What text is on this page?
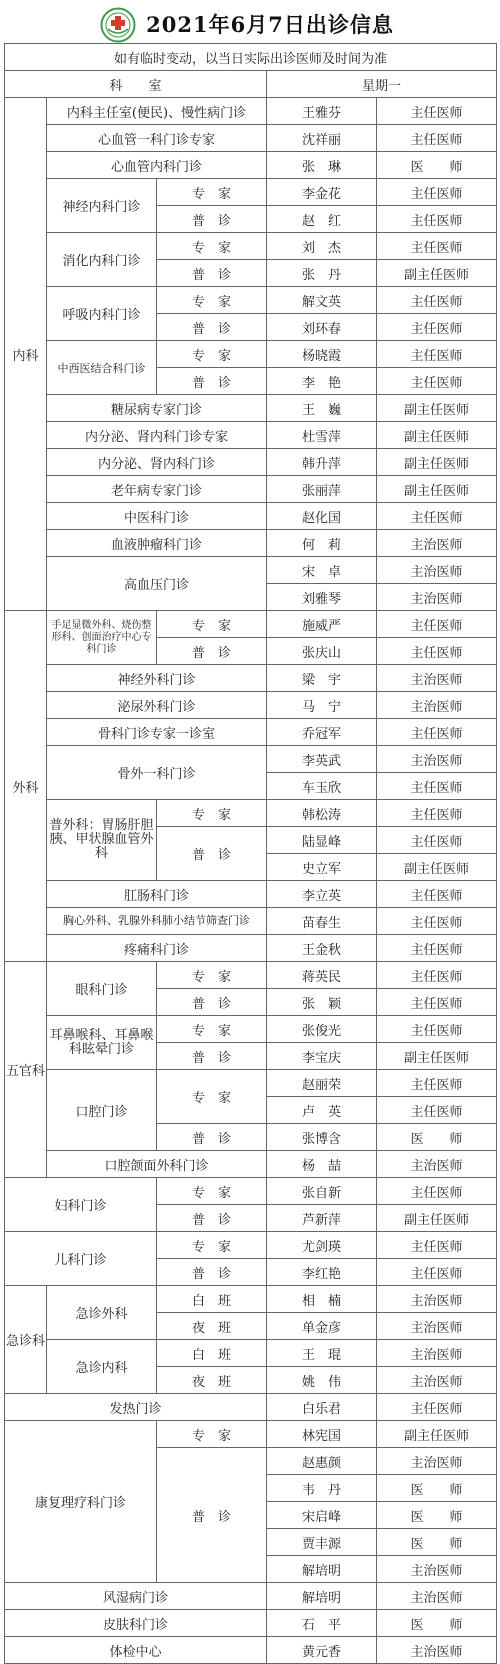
2021年6月7日出诊信息
如有临时变动，以当日实际出诊医师及时间为准				
科　　室			星期一	
内科	内科主任室(便民)、慢性病门诊		王雅芬	主任医师
	心血管一科门诊专家		沈祥丽	主任医师
	心血管内科门诊		张　琳	医　　师
	神经内科门诊	专　家	李金花	主任医师
		普　诊	赵　红	主任医师
	消化内科门诊	专　家	刘　杰	主任医师
		普　诊	张　丹	副主任医师
	呼吸内科门诊	专　家	解文英	主任医师
		普　诊	刘环春	主任医师
	中西医结合科门诊	专　家	杨晓霞	主任医师
		普　诊	李　艳	主任医师
	糖尿病专家门诊		王　巍	副主任医师
	内分泌、肾内科门诊专家		杜雪萍	副主任医师
	内分泌、肾内科门诊		韩升萍	副主任医师
	老年病专家门诊		张丽萍	副主任医师
	中医科门诊		赵化国	主任医师
	血液肿瘤科门诊		何　莉	主治医师
	高血压门诊		宋　卓	主治医师
			刘雅琴	主治医师
外科	手足显微外科、烧伤整形科、创面治疗中心专科门诊	专　家	施威严	主任医师
		普　诊	张庆山	主任医师
	神经外科门诊		梁　宇	主治医师
	泌尿外科门诊		马　宁	主治医师
	骨科门诊专家一诊室		乔冠军	主任医师
	骨外一科门诊		李英武	主治医师
			车玉欣	主任医师
	普外科：胃肠肝胆胰、甲状腺血管外科	专　家	韩松涛	主任医师
		普　诊	陆显峰	主任医师
			史立军	副主任医师
	肛肠科门诊		李立英	主任医师
	胸心外科、乳腺外科肺小结节筛查门诊		苗春生	主任医师
	疼痛科门诊		王金秋	主任医师
五官科	眼科门诊	专　家	蒋英民	主任医师
		普　诊	张　颖	主任医师
	耳鼻喉科、耳鼻喉科眩晕门诊	专　家	张俊光	主任医师
		普　诊	李宝庆	副主任医师
	口腔门诊	专　家	赵丽荣	主任医师
			卢　英	主任医师
		普　诊	张博含	医　　师
	口腔颌面外科门诊		杨　喆	主治医师
妇科门诊		专　家	张自新	主任医师
		普　诊	芦新萍	副主任医师
儿科门诊		专　家	尤剑瑛	主任医师
		普　诊	李红艳	主任医师
急诊科	急诊外科	白　班	相　楠	主治医师
		夜　班	单金彦	主治医师
	急诊内科	白　班	王　琨	主治医师
		夜　班	姚　伟	主治医师
发热门诊			白乐君	主任医师
康复理疗科门诊		专　家	林宪国	副主任医师
		普　诊	赵惠颜	主治医师
			韦　丹	医　　师
			宋启峰	医　　师
			贾丰源	医　　师
			解培明	主治医师
风湿病门诊			解培明	主治医师
皮肤科门诊			石　平	医　　师
体检中心			黄元香	主治医师
